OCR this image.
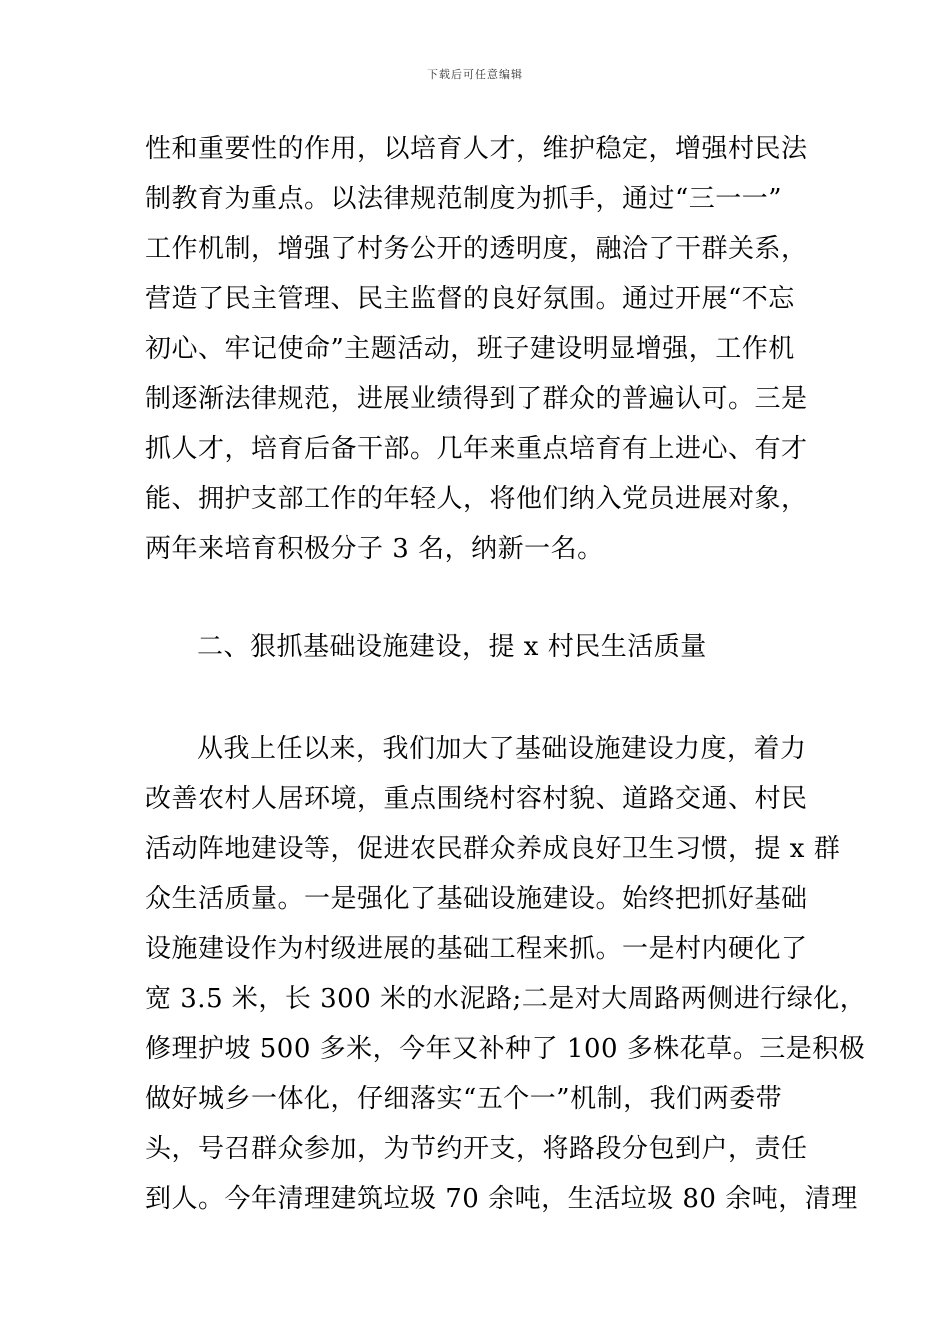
下载后可任意编辑
性和重要性的作用，以培育人才，维护稳定，增强村民法
制教育为重点。以法律规范制度为抓手，通过“三一一”
工作机制，增强了村务公开的透明度，融洽了干群关系，
营造了民主管理、民主监督的良好氛围。通过开展“不忘
初心、牢记使命”主题活动，班子建设明显增强，工作机
制逐渐法律规范，进展业绩得到了群众的普遍认可。三是
抓人才，培育后备干部。几年来重点培育有上进心、有才
能、拥护支部工作的年轻人，将他们纳入党员进展对象，
两年来培育积极分子 3 名，纳新一名。
二、狠抓基础设施建设，提 x 村民生活质量
从我上任以来，我们加大了基础设施建设力度，着力
改善农村人居环境，重点围绕村容村貌、道路交通、村民
活动阵地建设等，促进农民群众养成良好卫生习惯，提 x 群
众生活质量。一是强化了基础设施建设。始终把抓好基础
设施建设作为村级进展的基础工程来抓。一是村内硬化了
宽 3.5 米，长 300 米的水泥路;二是对大周路两侧进行绿化，
修理护坡 500 多米，今年又补种了 100 多株花草。三是积极
做好城乡一体化，仔细落实“五个一”机制，我们两委带
头，号召群众参加，为节约开支，将路段分包到户，责任
到人。今年清理建筑垃圾 70 余吨，生活垃圾 80 余吨，清理
